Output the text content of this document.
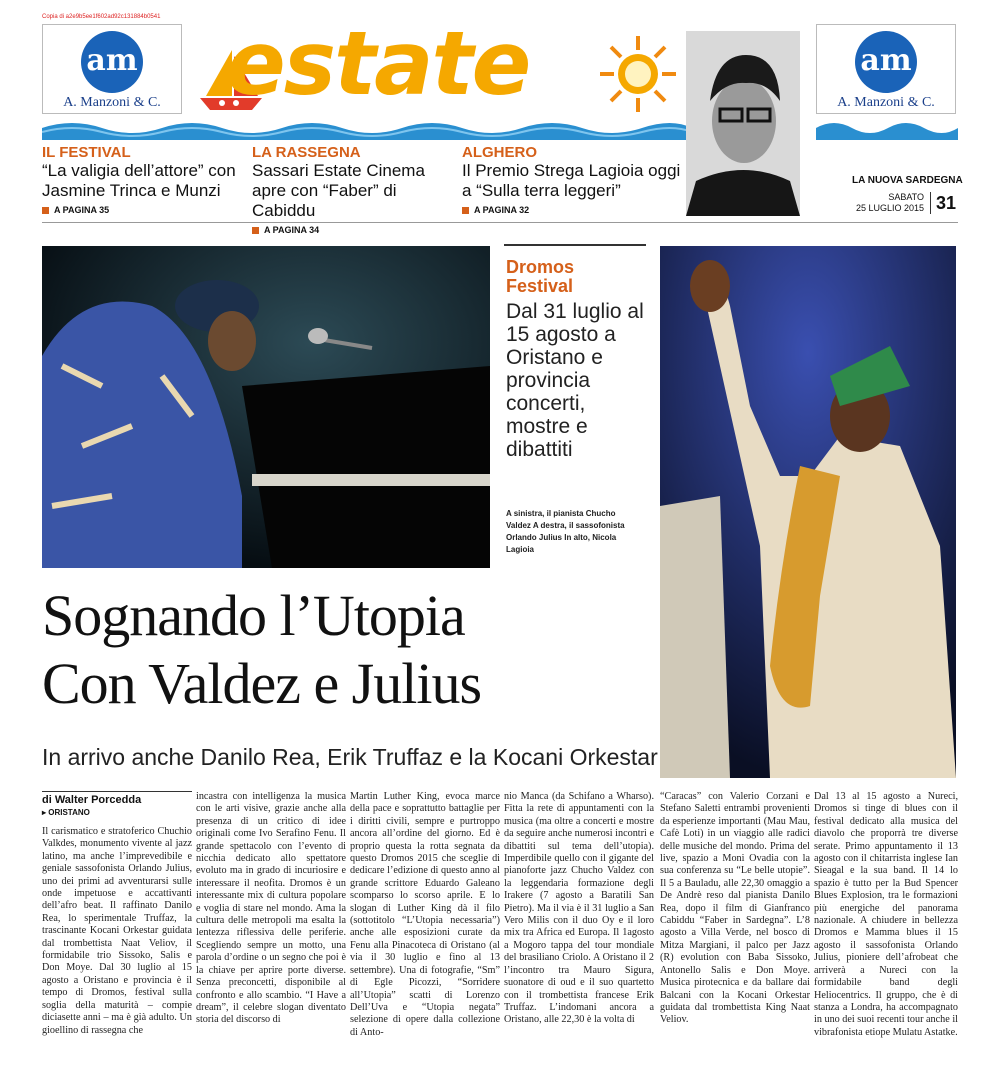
Copia di a2e9b5ee1f602ad92c131884b0541
am
A. Manzoni & C.
am
A. Manzoni & C.
estate
IL FESTIVAL

“La valigia dell’attore” con Jasmine Trinca e Munzi

A PAGINA 35
LA RASSEGNA

Sassari Estate Cinema apre con “Faber” di Cabiddu

A PAGINA 34
ALGHERO

Il Premio Strega Lagioia oggi a “Sulla terra leggeri”

A PAGINA 32
LA NUOVA SARDEGNA
SABATO
25 LUGLIO 2015 31
Dromos Festival

Dal 31 luglio al 15 agosto a Oristano e provincia concerti, mostre e dibattiti

A sinistra, il pianista Chucho Valdez A destra, il sassofonista Orlando Julius In alto, Nicola Lagioia
Sognando l’Utopia
Con Valdez e Julius
In arrivo anche Danilo Rea, Erik Truffaz e la Kocani Orkestar
di Walter Porcedda
▸ ORISTANO
Il carismatico e stratoferico Chuchio Valkdes, monumento vivente al jazz latino, ma anche l’imprevedibile e geniale sassofonista Orlando Julius, uno dei primi ad avventurarsi sulle onde impetuose e accattivanti dell’afro beat. Il raffinato Danilo Rea, lo sperimentale Truffaz, la trascinante Kocani Orkestar guidata dal trombettista Naat Veliov, il formidabile trio Sissoko, Salis e Don Moye. Dal 30 luglio al 15 agosto a Oristano e provincia è il tempo di Dromos, festival sulla soglia della maturità – compie diciasette anni – ma è già adulto. Un gioellino di rassegna che
incastra con intelligenza la musica con le arti visive, grazie anche alla presenza di un critico di idee originali come Ivo Serafino Fenu. Il grande spettacolo con l’evento di nicchia dedicato allo spettatore evoluto ma in grado di incuriosire e interessare il neofita. Dromos è un interessante mix di cultura popolare e voglia di stare nel mondo. Ama la cultura delle metropoli ma esalta la lentezza riflessiva delle periferie. Scegliendo sempre un motto, una parola d’ordine o un segno che poi è la chiave per aprire porte diverse. Senza preconcetti, disponibile al confronto e allo scambio. “I Have a dream”, il celebre slogan diventato storia del discorso di
Martin Luther King, evoca marce della pace e soprattutto battaglie per i diritti civili, sempre e purtroppo ancora all’ordine del giorno. Ed è proprio questa la rotta segnata da questo Dromos 2015 che sceglie di dedicare l’edizione di questo anno al grande scrittore Eduardo Galeano scomparso lo scorso aprile. E lo slogan di Luther King dà il filo (sottotitolo “L’Utopia necessaria”) anche alle esposizioni curate da Fenu alla Pinacoteca di Oristano (al via il 30 luglio e fino al 13 settembre). Una di fotografie, “Sm” di Egle Picozzi, “Sorridere all’Utopia” scatti di Lorenzo Dell’Uva e “Utopia negata” selezione di opere dalla collezione di Anto-
nio Manca (da Schifano a Wharso). Fitta la rete di appuntamenti con la musica (ma oltre a concerti e mostre da seguire anche numerosi incontri e dibattiti sul tema dell’utopia). Imperdibile quello con il gigante del pianoforte jazz Chucho Valdez con la leggendaria formazione degli Irakere (7 agosto a Baratili San Pietro). Ma il via è il 31 luglio a San Vero Milis con il duo Oy e il loro mix tra Africa ed Europa. Il 1agosto a Mogoro tappa del tour mondiale del brasiliano Criolo. A Oristano il 2 l’incontro tra Mauro Sigura, suonatore di oud e il suo quartetto con il trombettista francese Erik Truffaz. L’indomani ancora a Oristano, alle 22,30 è la volta di
“Caracas” con Valerio Corzani e Stefano Saletti entrambi provenienti da esperienze importanti (Mau Mau, Cafè Loti) in un viaggio alle radici delle musiche del mondo. Prima del live, spazio a Moni Ovadia con la sua conferenza su “Le belle utopie”. Il 5 a Bauladu, alle 22,30 omaggio a De Andrè reso dal pianista Danilo Rea, dopo il film di Gianfranco Cabiddu “Faber in Sardegna”. L’8 agosto a Villa Verde, nel bosco di Mitza Margiani, il palco per Jazz (R) evolution con Baba Sissoko, Antonello Salis e Don Moye. Musica pirotecnica e da ballare dai Balcani con la Kocani Orkestar guidata dal trombettista King Naat Veliov.
Dal 13 al 15 agosto a Nureci, Dromos si tinge di blues con il festival dedicato alla musica del diavolo che proporrà tre diverse serate. Primo appuntamento il 13 agosto con il chitarrista inglese Ian Sieagal e la sua band. Il 14 lo spazio è tutto per la Bud Spencer Blues Explosion, tra le formazioni più energiche del panorama nazionale. A chiudere in bellezza Dromos e Mamma blues il 15 agosto il sassofonista Orlando Julius, pioniere dell’afrobeat che arriverà a Nureci con la formidabile band degli Heliocentrics. Il gruppo, che è di stanza a Londra, ha accompagnato in uno dei suoi recenti tour anche il vibrafonista etiope Mulatu Astatke.
